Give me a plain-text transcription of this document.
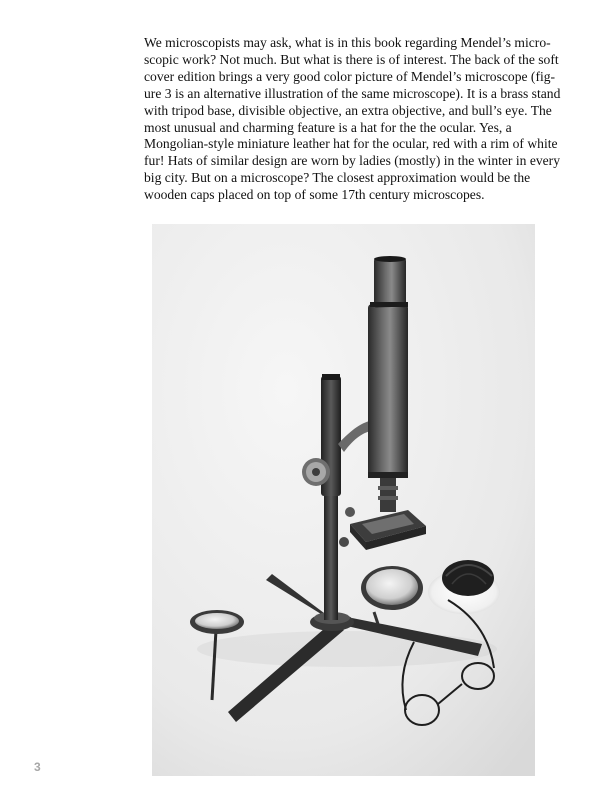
We microscopists may ask, what is in this book regarding Mendel’s micro-
scopic work? Not much. But what is there is of interest. The back of the soft
cover edition brings a very good color picture of Mendel’s microscope (fig-
ure 3 is an alternative illustration of the same microscope). It is a brass stand
with tripod base, divisible objective, an extra objective, and bull’s eye. The
most unusual and charming feature is a hat for the the ocular. Yes, a
Mongolian-style miniature leather hat for the ocular, red with a rim of white
fur! Hats of similar design are worn by ladies (mostly) in the winter in every
big city. But on a microscope? The closest approximation would be the
wooden caps placed on top of some 17th century microscopes.

3
